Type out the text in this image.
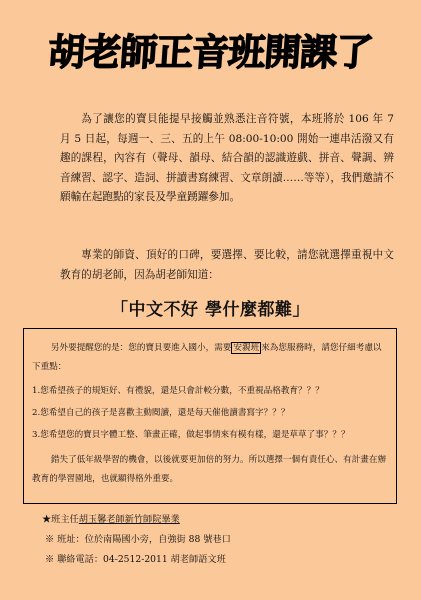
胡老師正音班開課了

為了讓您的寶貝能提早接觸並熟悉注音符號，本班將於 106 年 7 月 5 日起，每週一、三、五的上午 08:00-10:00 開始一連串活潑又有趣的課程，內容有（聲母、韻母、結合韻的認識遊戲、拼音、聲調、辨音練習、認字、造詞、拼讀書寫練習、文章朗讀……等等），我們邀請不願輸在起跑點的家長及學童踴躍參加。

專業的師資、頂好的口碑，要選擇、要比較，請您就選擇重視中文教育的胡老師，因為胡老師知道：

「中文不好 學什麼都難」

另外要提醒您的是：您的寶貝要進入國小，需要 安親班 來為您服務時，請您仔細考慮以下重點：

1.您希望孩子的規矩好、有禮貌，還是只會計較分數，不重視品格教育？？？

2.您希望自己的孩子是喜歡主動閱讀，還是每天催他讀書寫字？？？

3.您希望您的寶貝字體工整、筆畫正確，做起事情來有模有樣，還是草草了事？？？

錯失了低年級學習的機會，以後就要更加倍的努力。所以選擇一個有責任心、有計畫在辦教育的學習園地，也就顯得格外重要。

★班主任胡玉馨老師新竹師院畢業
※ 班址：位於南陽國小旁，自強街 88 號巷口
※ 聯絡電話：04-2512-2011 胡老師語文班
